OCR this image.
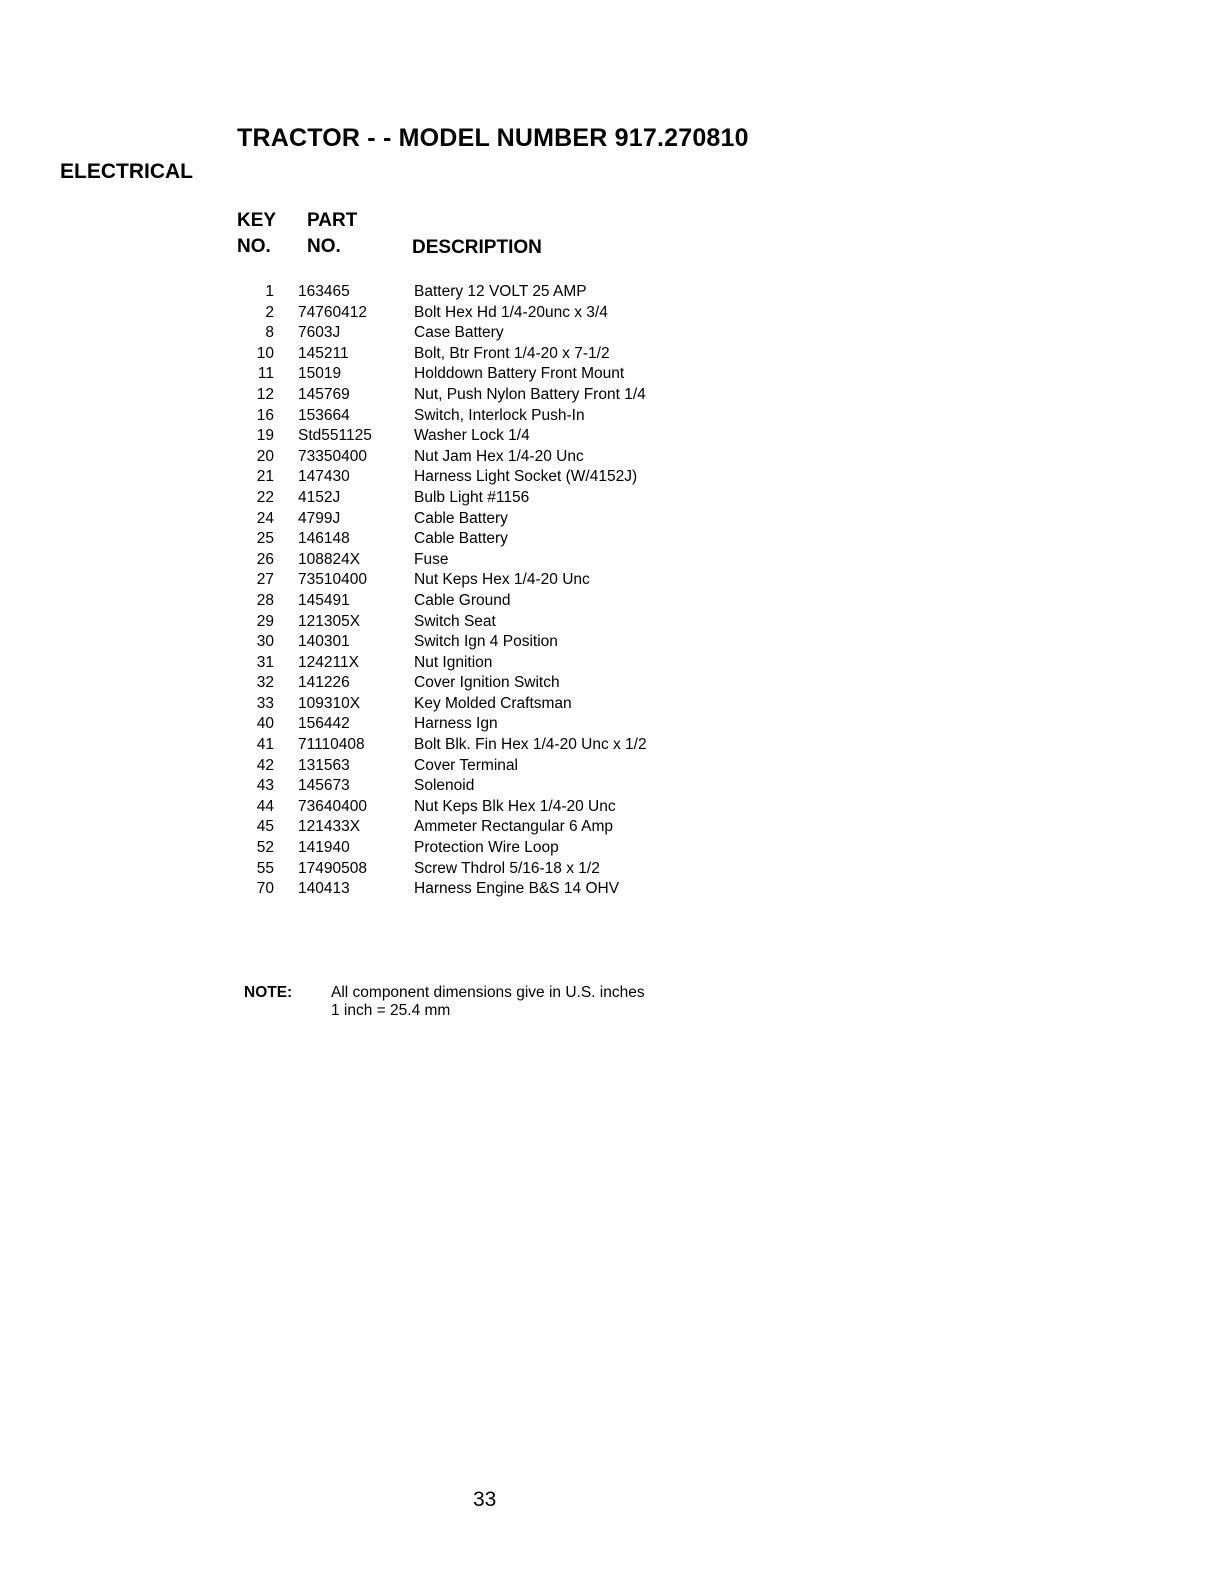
TRACTOR - - MODEL NUMBER 917.270810
ELECTRICAL
KEY
NO.
PART
NO.	DESCRIPTION
1	163465	Battery 12 VOLT 25 AMP
2	74760412	Bolt Hex Hd 1/4-20unc x 3/4
8	7603J	Case Battery
10	145211	Bolt, Btr Front 1/4-20 x 7-1/2
11	15019	Holddown Battery Front Mount
12	145769	Nut, Push Nylon Battery Front 1/4
16	153664	Switch, Interlock Push-In
19	Std551125	Washer Lock 1/4
20	73350400	Nut Jam Hex 1/4-20 Unc
21	147430	Harness Light Socket (W/4152J)
22	4152J	Bulb Light #1156
24	4799J	Cable Battery
25	146148	Cable Battery
26	108824X	Fuse
27	73510400	Nut Keps Hex 1/4-20 Unc
28	145491	Cable Ground
29	121305X	Switch Seat
30	140301	Switch Ign 4 Position
31	124211X	Nut Ignition
32	141226	Cover Ignition Switch
33	109310X	Key Molded Craftsman
40	156442	Harness Ign
41	71110408	Bolt Blk. Fin Hex 1/4-20 Unc x 1/2
42	131563	Cover Terminal
43	145673	Solenoid
44	73640400	Nut Keps Blk Hex 1/4-20 Unc
45	121433X	Ammeter Rectangular 6 Amp
52	141940	Protection Wire Loop
55	17490508	Screw Thdrol 5/16-18 x 1/2
70	140413	Harness Engine B&S 14 OHV
NOTE:	All component dimensions give in U.S. inches
1 inch = 25.4 mm
33
